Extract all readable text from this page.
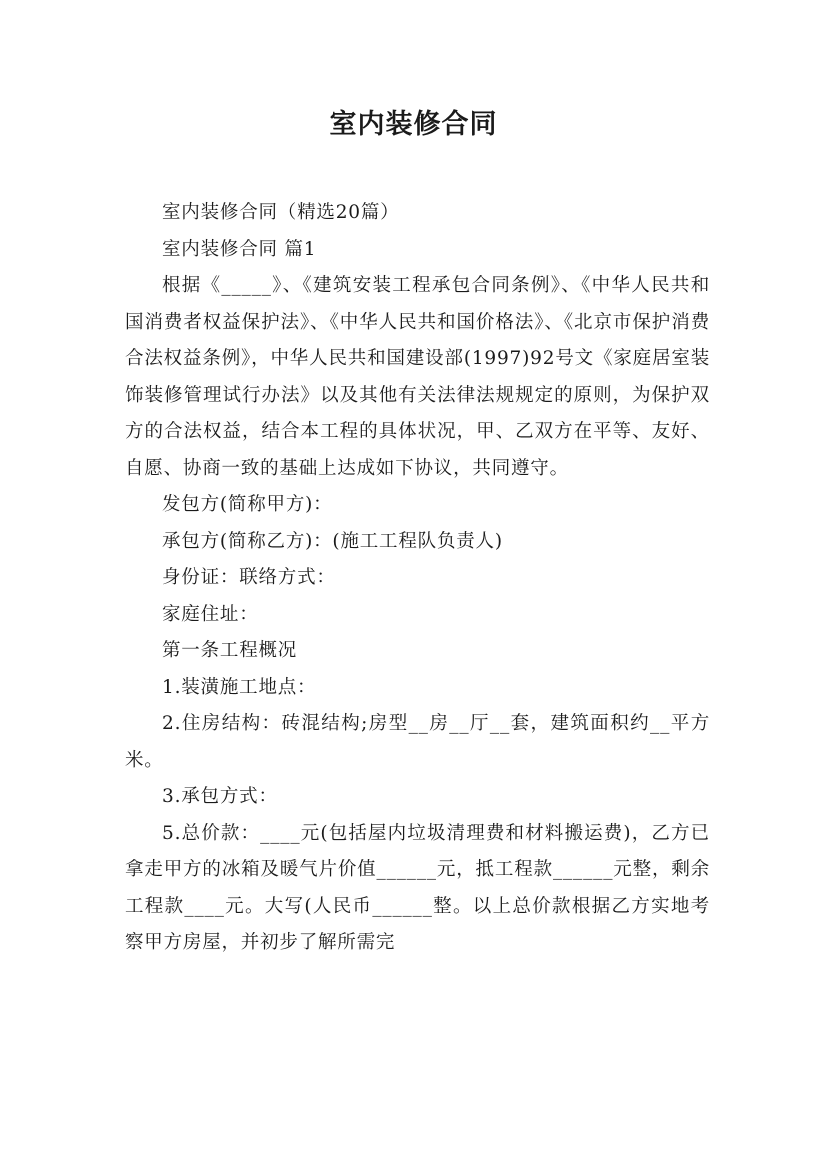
室内装修合同

室内装修合同（精选20篇）

室内装修合同 篇1

根据《_____》、《建筑安装工程承包合同条例》、《中华人民共和国消费者权益保护法》、《中华人民共和国价格法》、《北京市保护消费合法权益条例》，中华人民共和国建设部(1997)92号文《家庭居室装饰装修管理试行办法》以及其他有关法律法规规定的原则，为保护双方的合法权益，结合本工程的具体状况，甲、乙双方在平等、友好、自愿、协商一致的基础上达成如下协议，共同遵守。

发包方(简称甲方)：

承包方(简称乙方)：(施工工程队负责人)

身份证：联络方式：

家庭住址：

第一条工程概况

1.装潢施工地点：

2.住房结构：砖混结构;房型__房__厅__套，建筑面积约__平方米。

3.承包方式：

5.总价款：____元(包括屋内垃圾清理费和材料搬运费)，乙方已拿走甲方的冰箱及暖气片价值______元，抵工程款______元整，剩余工程款____元。大写(人民币______整。以上总价款根据乙方实地考察甲方房屋，并初步了解所需完
